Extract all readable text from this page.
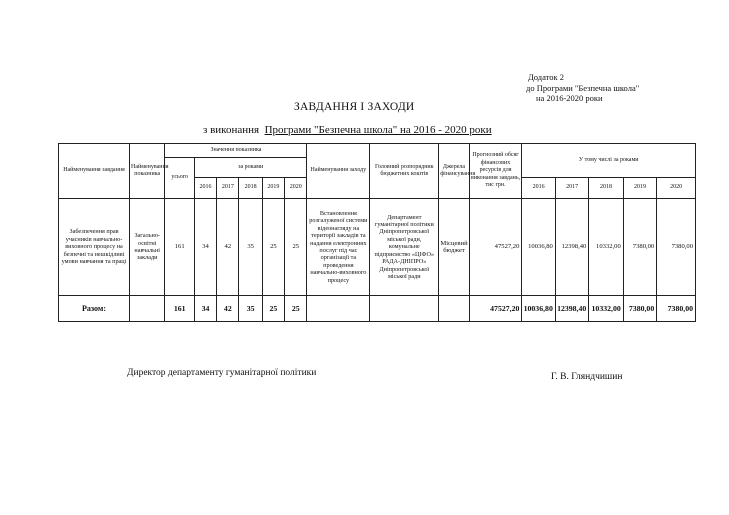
Додаток 2
до Програми "Безпечна школа"
на 2016-2020 роки
ЗАВДАННЯ І ЗАХОДИ
з виконання Програми "Безпечна школа" на 2016 - 2020 роки
Найменування завдання	Найменування показника	Значення показника						Найменування заходу	Головний розпорядник бюджетних коштів	Джерела фінансування	Прогнозний обсяг фінансових ресурсів для виконання завдань, тис грн.	У тому числі за роками				
		усього	за роками													
			2016	2017	2018	2019	2020					2016	2017	2018	2019	2020
Забезпечення прав учасників навчально-виховного процесу на безпечні та нешкідливі умови навчання та праці	Загально-освітні навчальні заклади	161	34	42	35	25	25	Встановлення розгалуженої системи відеонагляду на території закладів та надання електронних послуг під час організації та проведення навчально-виховного процесу	Департамент гуманітарної політики Дніпропетровської міської ради, комунальне підприємство «ЦІФО» РАДА-ДНІПРО» Дніпропетровської міської ради	Місцевий бюджет	47527,20	10036,80	12398,40	10332,00	7380,00	7380,00
Разом:		161	34	42	35	25	25				47527,20	10036,80	12398,40	10332,00	7380,00	7380,00
Директор департаменту гуманітарної політики	Г. В. Гляндчишин
